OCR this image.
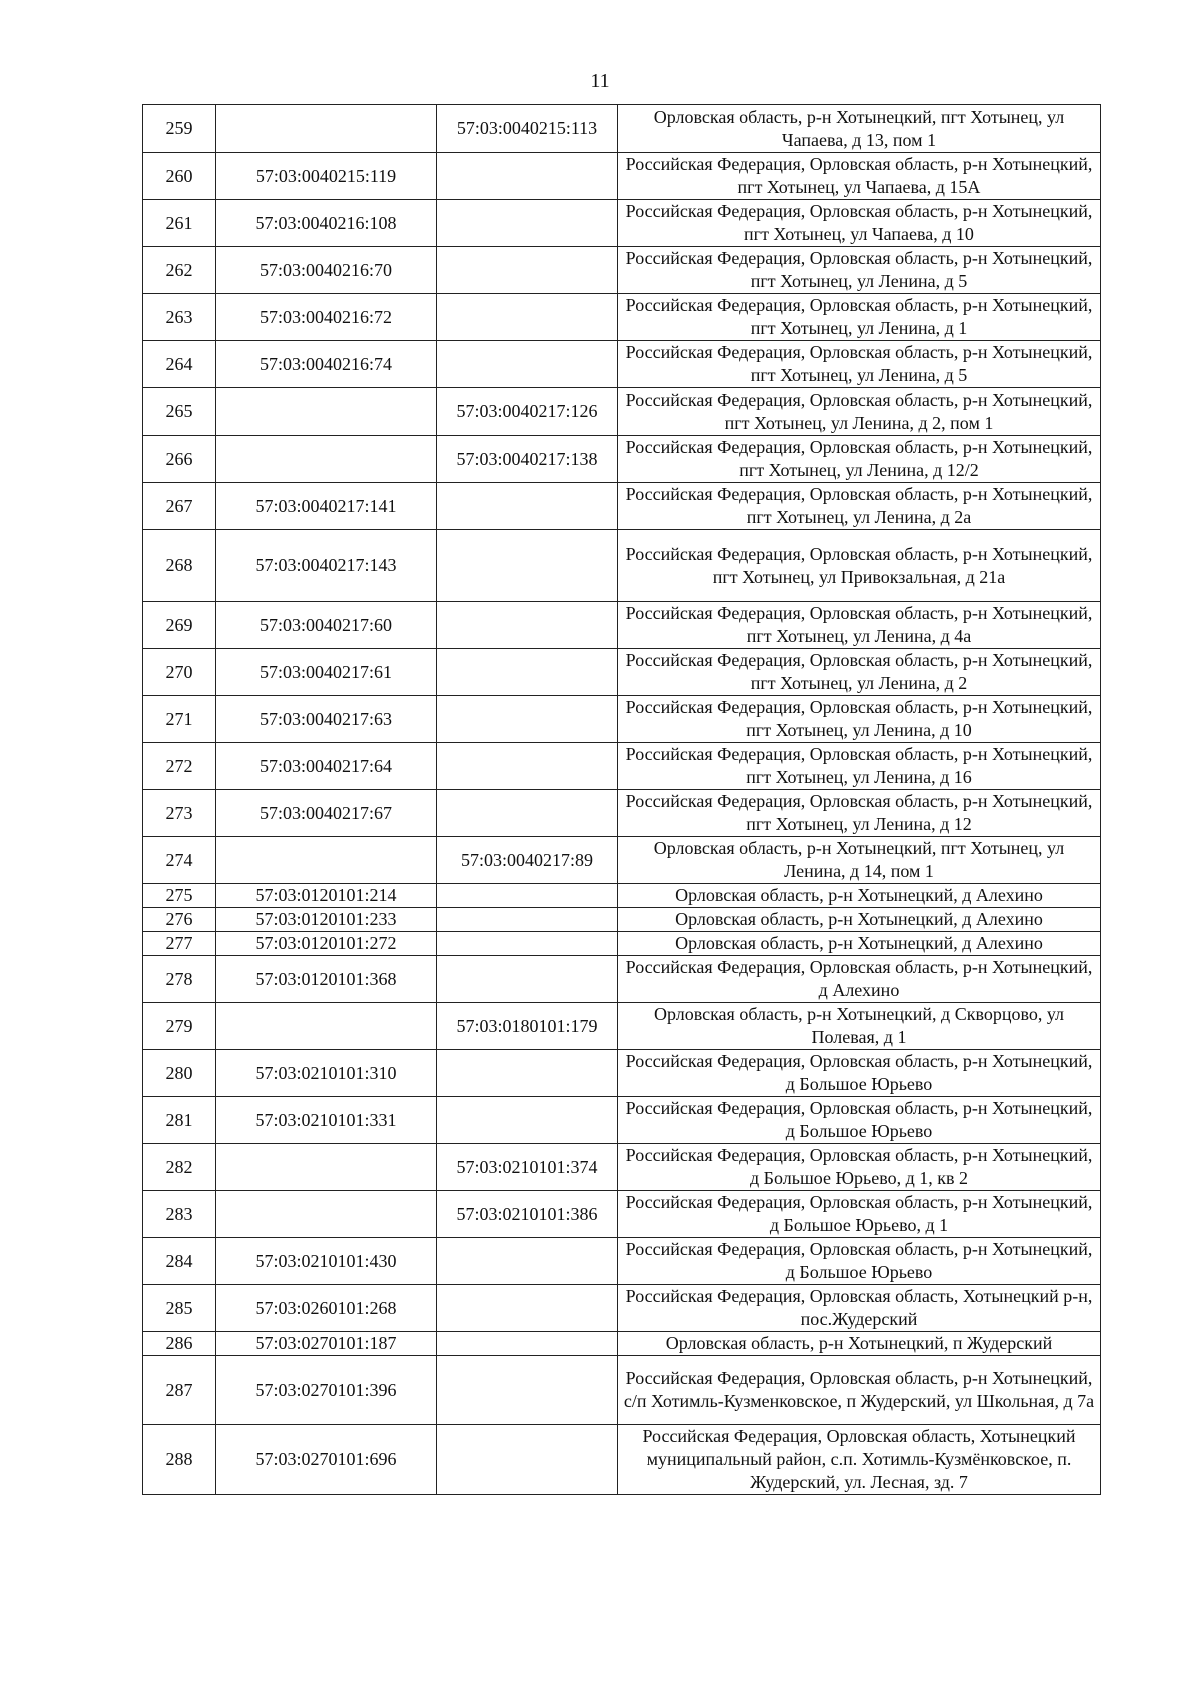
11
259		57:03:0040215:113	Орловская область, р-н Хотынецкий, пгт Хотынец, ул Чапаева, д 13, пом 1
260	57:03:0040215:119		Российская Федерация, Орловская область, р-н Хотынецкий, пгт Хотынец, ул Чапаева, д 15А
261	57:03:0040216:108		Российская Федерация, Орловская область, р-н Хотынецкий, пгт Хотынец, ул Чапаева, д 10
262	57:03:0040216:70		Российская Федерация, Орловская область, р-н Хотынецкий, пгт Хотынец, ул Ленина, д 5
263	57:03:0040216:72		Российская Федерация, Орловская область, р-н Хотынецкий, пгт Хотынец, ул Ленина, д 1
264	57:03:0040216:74		Российская Федерация, Орловская область, р-н Хотынецкий, пгт Хотынец, ул Ленина, д 5
265		57:03:0040217:126	Российская Федерация, Орловская область, р-н Хотынецкий, пгт Хотынец, ул Ленина, д 2, пом 1
266		57:03:0040217:138	Российская Федерация, Орловская область, р-н Хотынецкий, пгт Хотынец, ул Ленина, д 12/2
267	57:03:0040217:141		Российская Федерация, Орловская область, р-н Хотынецкий, пгт Хотынец, ул Ленина, д 2а
268	57:03:0040217:143		Российская Федерация, Орловская область, р-н Хотынецкий, пгт Хотынец, ул Привокзальная, д 21а
269	57:03:0040217:60		Российская Федерация, Орловская область, р-н Хотынецкий, пгт Хотынец, ул Ленина, д 4а
270	57:03:0040217:61		Российская Федерация, Орловская область, р-н Хотынецкий, пгт Хотынец, ул Ленина, д 2
271	57:03:0040217:63		Российская Федерация, Орловская область, р-н Хотынецкий, пгт Хотынец, ул Ленина, д 10
272	57:03:0040217:64		Российская Федерация, Орловская область, р-н Хотынецкий, пгт Хотынец, ул Ленина, д 16
273	57:03:0040217:67		Российская Федерация, Орловская область, р-н Хотынецкий, пгт Хотынец, ул Ленина, д 12
274		57:03:0040217:89	Орловская область, р-н Хотынецкий, пгт Хотынец, ул Ленина, д 14, пом 1
275	57:03:0120101:214		Орловская область, р-н Хотынецкий, д Алехино
276	57:03:0120101:233		Орловская область, р-н Хотынецкий, д Алехино
277	57:03:0120101:272		Орловская область, р-н Хотынецкий, д Алехино
278	57:03:0120101:368		Российская Федерация, Орловская область, р-н Хотынецкий, д Алехино
279		57:03:0180101:179	Орловская область, р-н Хотынецкий, д Скворцово, ул Полевая, д 1
280	57:03:0210101:310		Российская Федерация, Орловская область, р-н Хотынецкий, д Большое Юрьево
281	57:03:0210101:331		Российская Федерация, Орловская область, р-н Хотынецкий, д Большое Юрьево
282		57:03:0210101:374	Российская Федерация, Орловская область, р-н Хотынецкий, д Большое Юрьево, д 1, кв 2
283		57:03:0210101:386	Российская Федерация, Орловская область, р-н Хотынецкий, д Большое Юрьево, д 1
284	57:03:0210101:430		Российская Федерация, Орловская область, р-н Хотынецкий, д Большое Юрьево
285	57:03:0260101:268		Российская Федерация, Орловская область, Хотынецкий р-н, пос.Жудерский
286	57:03:0270101:187		Орловская область, р-н Хотынецкий, п Жудерский
287	57:03:0270101:396		Российская Федерация, Орловская область, р-н Хотынецкий, с/п Хотимль-Кузменковское, п Жудерский, ул Школьная, д 7а
288	57:03:0270101:696		Российская Федерация, Орловская область, Хотынецкий муниципальный район, с.п. Хотимль-Кузмёнковское, п. Жудерский, ул. Лесная, зд. 7
